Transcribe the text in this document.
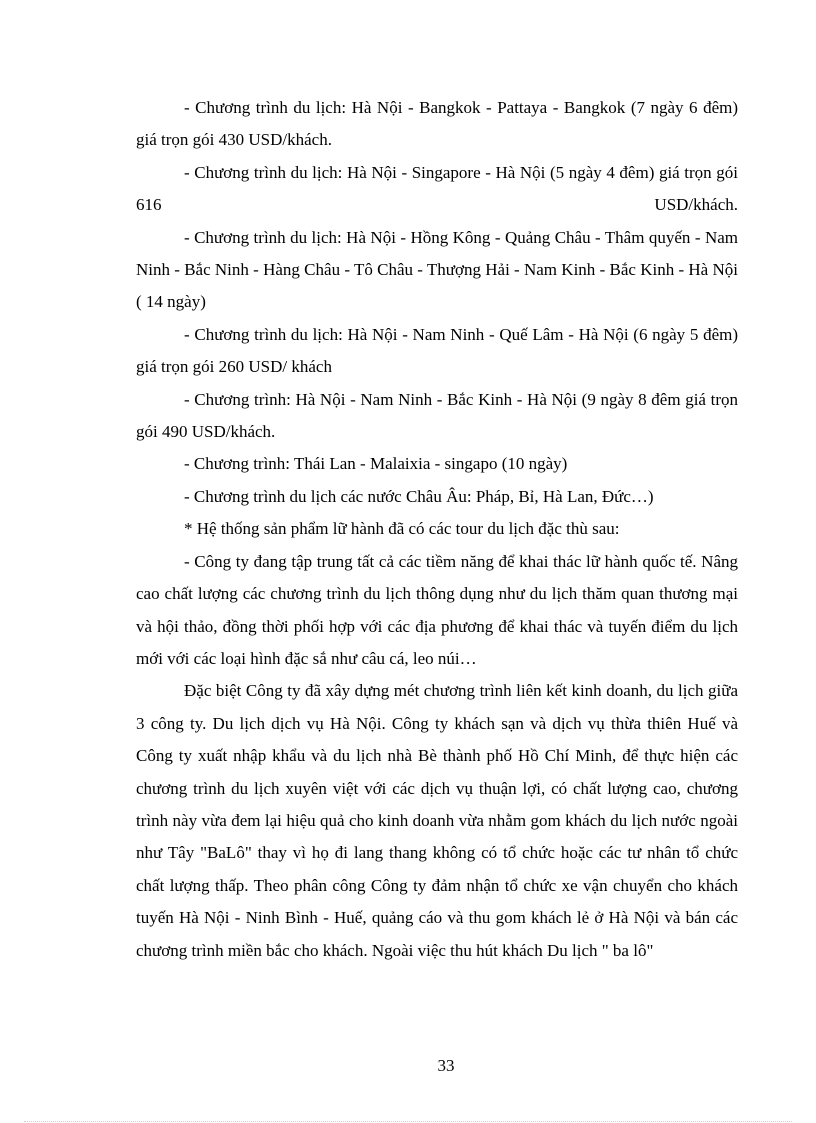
- Chương trình du lịch: Hà Nội - Bangkok - Pattaya - Bangkok (7 ngày 6 đêm) giá trọn gói 430 USD/khách.

- Chương trình du lịch: Hà Nội - Singapore - Hà Nội (5 ngày 4 đêm) giá trọn gói 616 USD/khách.

- Chương trình du lịch: Hà Nội - Hồng Kông - Quảng Châu - Thâm quyến - Nam Ninh - Bắc Ninh - Hàng Châu - Tô Châu - Thượng Hải - Nam Kinh - Bắc Kinh - Hà Nội ( 14 ngày)

- Chương trình du lịch: Hà Nội - Nam Ninh - Quế Lâm - Hà Nội (6 ngày 5 đêm) giá trọn gói 260 USD/ khách

- Chương trình: Hà Nội - Nam Ninh - Bắc Kinh - Hà Nội (9 ngày 8 đêm giá trọn gói 490 USD/khách.

- Chương trình: Thái Lan - Malaixia - singapo (10 ngày)

- Chương trình du lịch các nước Châu Âu: Pháp, Bỉ, Hà Lan, Đức…)

* Hệ thống sản phẩm lữ hành đã có các tour du lịch đặc thù sau:

- Công ty đang tập trung tất cả các tiềm năng để khai thác lữ hành quốc tế. Nâng cao chất lượng các chương trình du lịch thông dụng như du lịch thăm quan thương mại và hội thảo, đồng thời phối hợp với các địa phương để khai thác và tuyến điểm du lịch mới với các loại hình đặc sắ như câu cá, leo núi…

Đặc biệt Công ty đã xây dựng mét chương trình liên kết kinh doanh, du lịch giữa 3 công ty. Du lịch dịch vụ Hà Nội. Công ty khách sạn và dịch vụ thừa thiên Huế và Công ty xuất nhập khẩu và du lịch nhà Bè thành phố Hồ Chí Minh, để thực hiện các chương trình du lịch xuyên việt với các dịch vụ thuận lợi, có chất lượng cao, chương trình này vừa đem lại hiệu quả cho kinh doanh vừa nhằm gom khách du lịch nước ngoài như Tây "BaLô" thay vì họ đi lang thang không có tổ chức hoặc các tư nhân tổ chức chất lượng thấp. Theo phân công Công ty đảm nhận tổ chức xe vận chuyển cho khách tuyến Hà Nội - Ninh Bình - Huế, quảng cáo và thu gom khách lẻ ở Hà Nội và bán các chương trình miền bắc cho khách. Ngoài việc thu hút khách Du lịch " ba lô"

33
